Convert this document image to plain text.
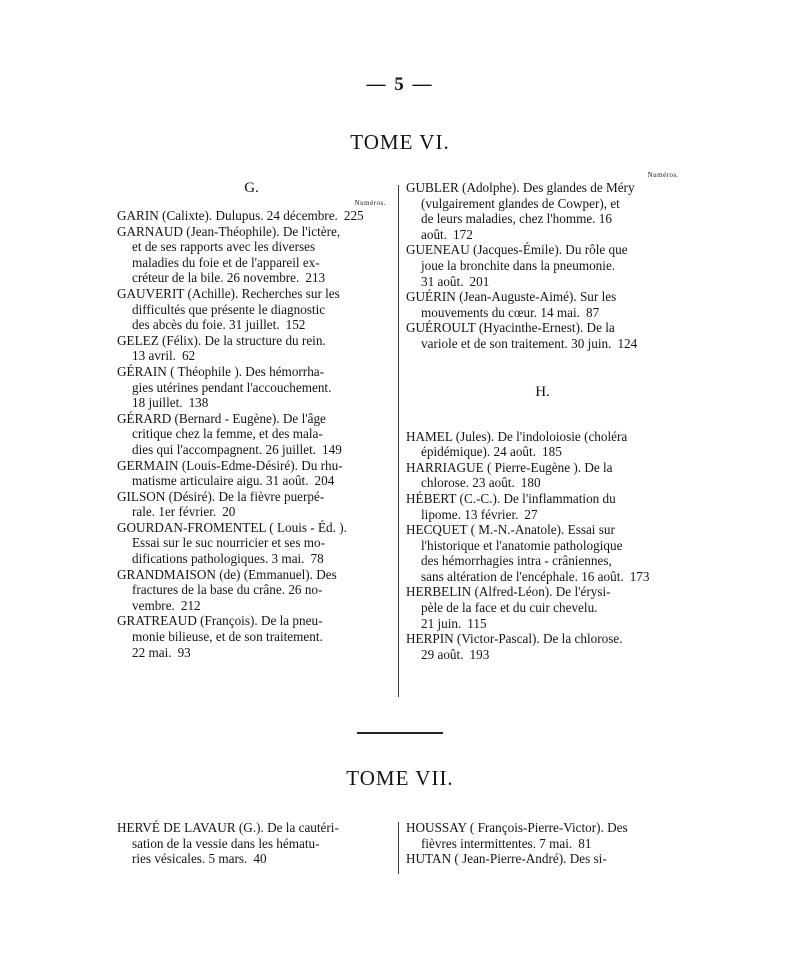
— 5 —
TOME VI.
G.
Numéros.
GARIN (Calixte). Dulupus. 24 décembre. 225
GARNAUD (Jean-Théophile). De l'ictère,
et de ses rapports avec les diverses
maladies du foie et de l'appareil ex-
créteur de la bile. 26 novembre. 213
GAUVERIT (Achille). Recherches sur les
difficultés que présente le diagnostic
des abcès du foie. 31 juillet. 152
GELEZ (Félix). De la structure du rein.
13 avril. 62
GÉRAIN ( Théophile ). Des hémorrha-
gies utérines pendant l'accouchement.
18 juillet. 138
GÉRARD (Bernard - Eugène). De l'âge
critique chez la femme, et des mala-
dies qui l'accompagnent. 26 juillet. 149
GERMAIN (Louis-Edme-Désiré). Du rhu-
matisme articulaire aigu. 31 août. 204
GILSON (Désiré). De la fièvre puerpé-
rale. 1er février. 20
GOURDAN-FROMENTEL ( Louis - Éd. ).
Essai sur le suc nourricier et ses mo-
difications pathologiques. 3 mai. 78
GRANDMAISON (de) (Emmanuel). Des
fractures de la base du crâne. 26 no-
vembre. 212
GRATREAUD (François). De la pneu-
monie bilieuse, et de son traitement.
22 mai. 93
Numéros.
GUBLER (Adolphe). Des glandes de Méry
(vulgairement glandes de Cowper), et
de leurs maladies, chez l'homme. 16
août. 172
GUENEAU (Jacques-Émile). Du rôle que
joue la bronchite dans la pneumonie.
31 août. 201
GUÉRIN (Jean-Auguste-Aimé). Sur les
mouvements du cœur. 14 mai. 87
GUÉROULT (Hyacinthe-Ernest). De la
variole et de son traitement. 30 juin. 124
H.
HAMEL (Jules). De l'indoloiosie (choléra
épidémique). 24 août. 185
HARRIAGUE ( Pierre-Eugène ). De la
chlorose. 23 août. 180
HÉBERT (C.-C.). De l'inflammation du
lipome. 13 février. 27
HECQUET ( M.-N.-Anatole). Essai sur
l'historique et l'anatomie pathologique
des hémorrhagies intra - crâniennes,
sans altération de l'encéphale. 16 août. 173
HERBELIN (Alfred-Léon). De l'érysi-
pèle de la face et du cuir chevelu.
21 juin. 115
HERPIN (Victor-Pascal). De la chlorose.
29 août. 193
TOME VII.
HERVÉ DE LAVAUR (G.). De la cautéri-
sation de la vessie dans les hématu-
ries vésicales. 5 mars. 40
HOUSSAY ( François-Pierre-Victor). Des
fièvres intermittentes. 7 mai. 81
HUTAN ( Jean-Pierre-André). Des si-
